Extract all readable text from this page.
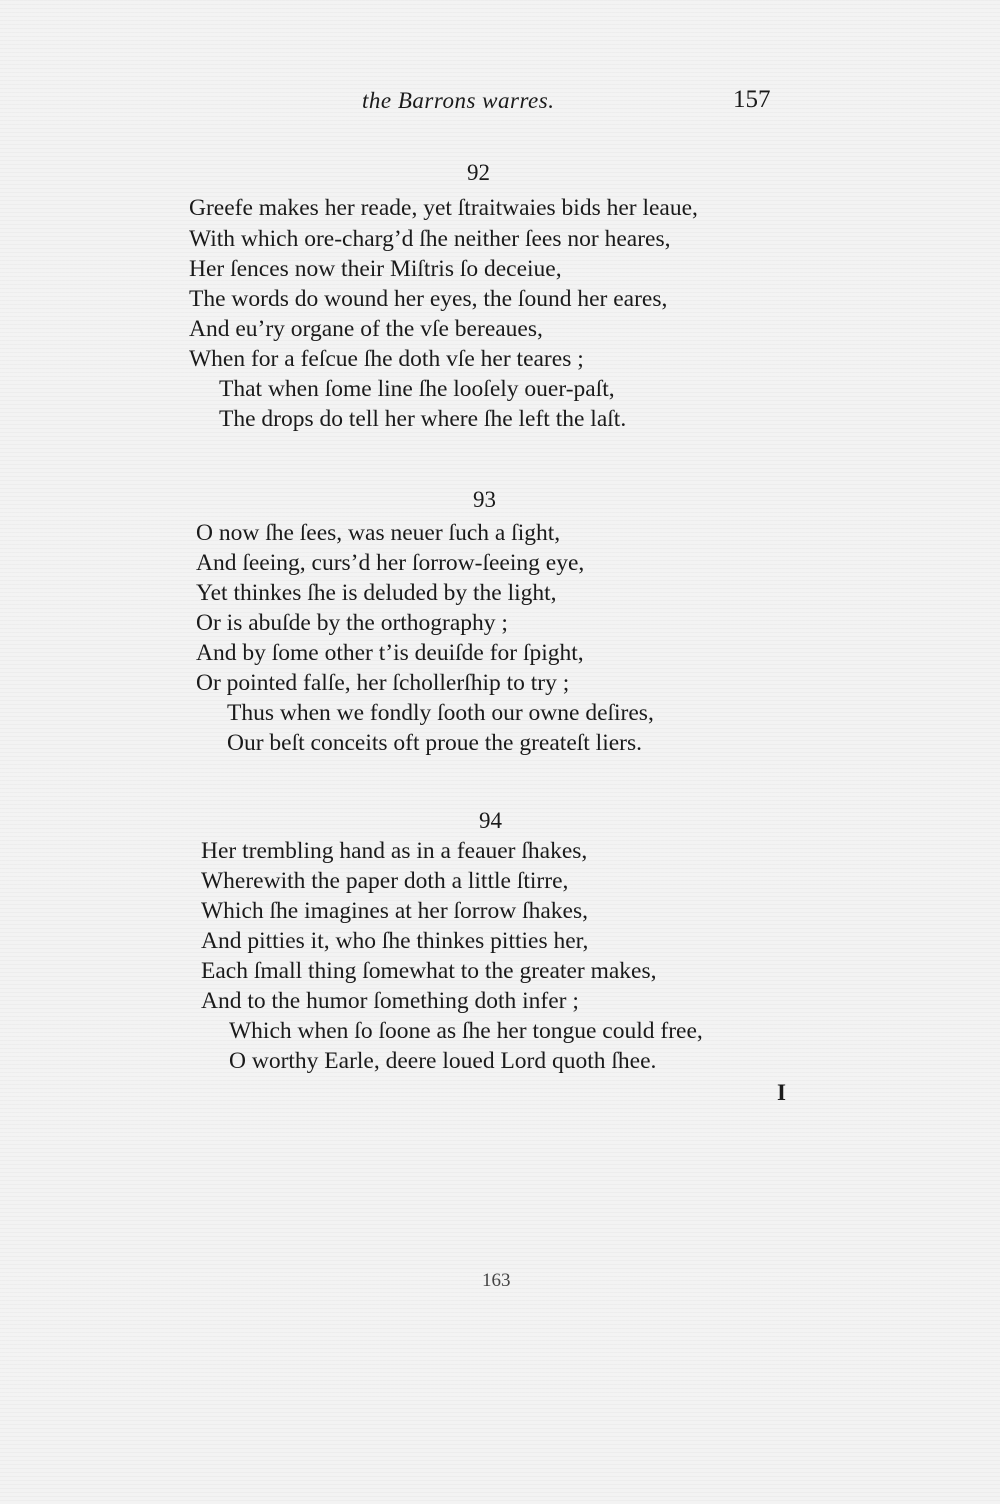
the Barrons warres.	157
92
Greefe makes her reade, yet ſtraitwaies bids her leaue,
With which ore-charg’d ſhe neither ſees nor heares,
Her ſences now their Miſtris ſo deceiue,
The words do wound her eyes, the ſound her eares,
And eu’ry organe of the vſe bereaues,
When for a feſcue ſhe doth vſe her teares ;
That when ſome line ſhe looſely ouer-paſt,
The drops do tell her where ſhe left the laſt.
93
O now ſhe ſees, was neuer ſuch a ſight,
And ſeeing, curs’d her ſorrow-ſeeing eye,
Yet thinkes ſhe is deluded by the light,
Or is abuſde by the orthography ;
And by ſome other t’is deuiſde for ſpight,
Or pointed falſe, her ſchollerſhip to try ;
Thus when we fondly ſooth our owne deſires,
Our beſt conceits oft proue the greateſt liers.
94
Her trembling hand as in a feauer ſhakes,
Wherewith the paper doth a little ſtirre,
Which ſhe imagines at her ſorrow ſhakes,
And pitties it, who ſhe thinkes pitties her,
Each ſmall thing ſomewhat to the greater makes,
And to the humor ſomething doth infer ;
Which when ſo ſoone as ſhe her tongue could free,
O worthy Earle, deere loued Lord quoth ſhee.
I
163
